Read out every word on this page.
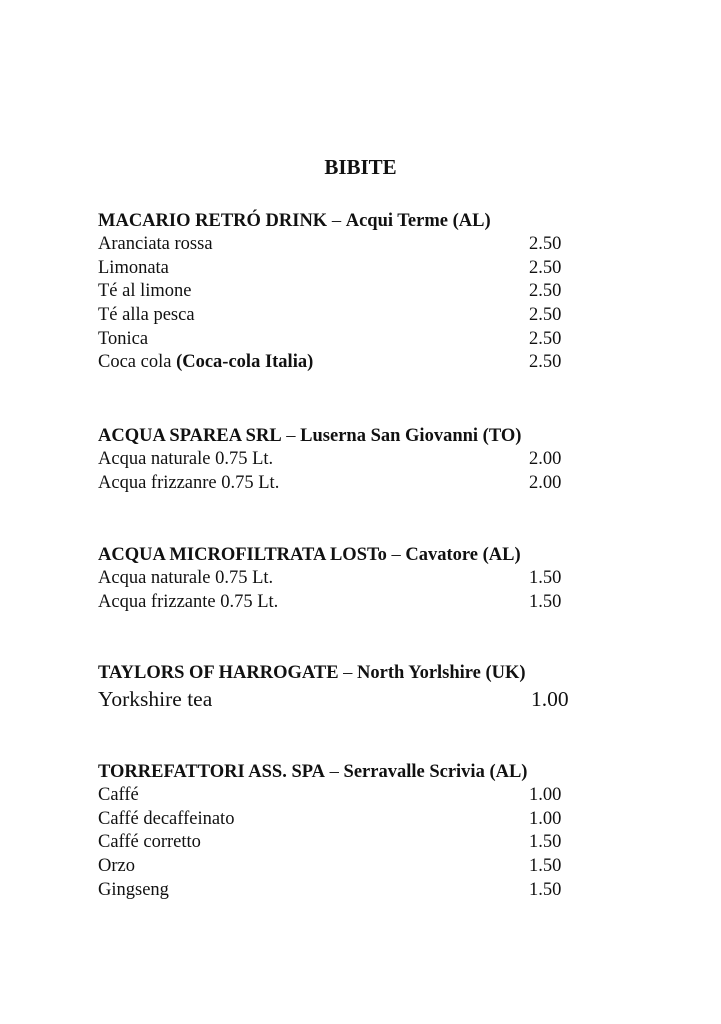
BIBITE
MACARIO RETRÓ DRINK – Acqui Terme (AL)
Aranciata rossa	2.50
Limonata	2.50
Té al limone	2.50
Té alla pesca	2.50
Tonica	2.50
Coca cola (Coca-cola Italia)	2.50
ACQUA SPAREA SRL – Luserna San Giovanni (TO)
Acqua naturale 0.75 Lt.	2.00
Acqua frizzanre 0.75 Lt.	2.00
ACQUA MICROFILTRATA LOSTo – Cavatore (AL)
Acqua naturale 0.75 Lt.	1.50
Acqua frizzante 0.75 Lt.	1.50
TAYLORS OF HARROGATE – North Yorlshire (UK)
Yorkshire tea	1.00
TORREFATTORI ASS. SPA – Serravalle Scrivia (AL)
Caffé	1.00
Caffé decaffeinato	1.00
Caffé corretto	1.50
Orzo	1.50
Gingseng	1.50
